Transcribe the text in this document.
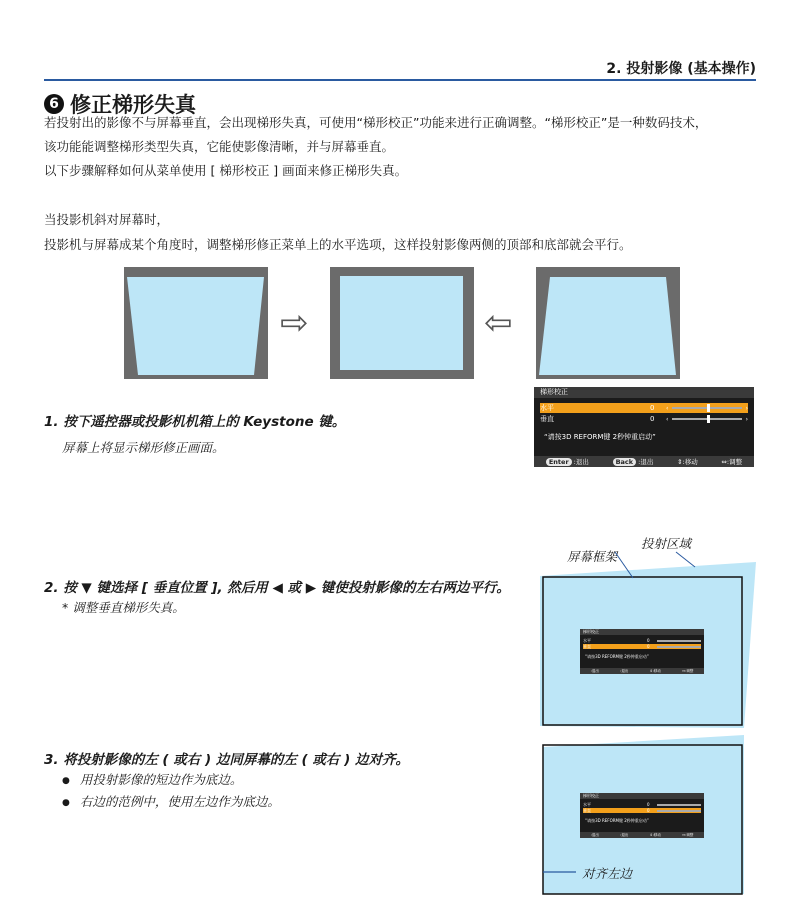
2. 投射影像 (基本操作)
6 修正梯形失真
若投射出的影像不与屏幕垂直，会出现梯形失真，可使用“梯形校正”功能来进行正确调整。“梯形校正”是一种数码技术，
该功能能调整梯形类型失真，它能使影像清晰，并与屏幕垂直。
以下步骤解释如何从菜单使用 [ 梯形校正 ] 画面来修正梯形失真。
当投影机斜对屏幕时，
投影机与屏幕成某个角度时，调整梯形修正菜单上的水平选项，这样投射影像两侧的顶部和底部就会平行。
⇨	⇦
1. 按下遥控器或投影机机箱上的 Keystone 键。
屏幕上将显示梯形修正画面。
梯形校正
水平	0	‹	›
垂直	0	‹	›
“请按3D REFORM键 2秒钟重启动”
Enter :退出	Back :退出	⇕:移动	⇔:调整
2. 按 ▼ 键选择 [ 垂直位置 ], 然后用 ◀ 或 ▶ 键使投射影像的左右两边平行。
* 调整垂直梯形失真。
投射区域
屏幕框架
梯形校正
水平	0
垂直	0
“请按3D REFORM键 2秒钟重启动”
:退出	:退出	⇕:移动	⇔:调整
3. 将投射影像的左 ( 或右 ) 边同屏幕的左 ( 或右 ) 边对齐。
● 用投射影像的短边作为底边。
● 右边的范例中，使用左边作为底边。
对齐左边
梯形校正
水平	0
垂直	0
“请按3D REFORM键 2秒钟重启动”
:退出	:退出	⇕:移动	⇔:调整
